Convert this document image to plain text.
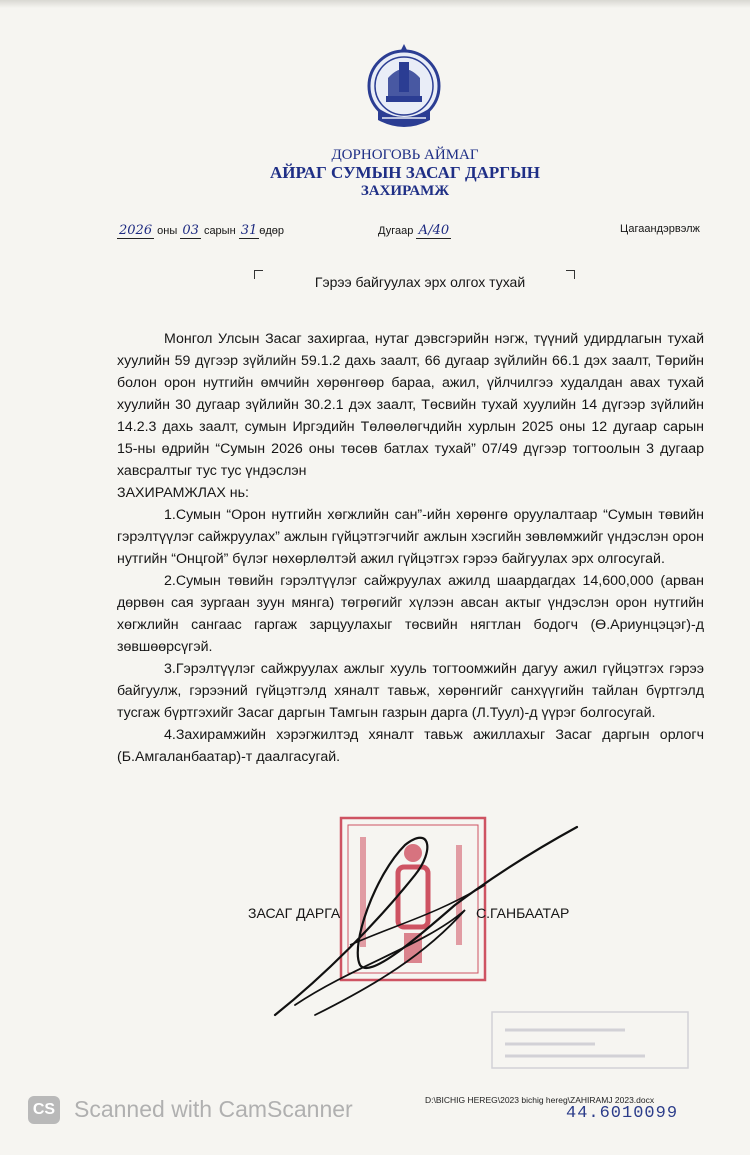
ДОРНОГОВЬ АЙМАГ
АЙРАГ СУМЫН ЗАСАГ ДАРГЫН
ЗАХИРАМЖ
2026 оны 03 сарын 31 өдөр	Дугаар А/40	Цагаандэрвэлж
Гэрээ байгуулах эрх олгох тухай

Монгол Улсын Засаг захиргаа, нутаг дэвсгэрийн нэгж, түүний удирдлагын тухай хуулийн 59 дүгээр зүйлийн 59.1.2 дахь заалт, 66 дугаар зүйлийн 66.1 дэх заалт, Төрийн болон орон нутгийн өмчийн хөрөнгөөр бараа, ажил, үйлчилгээ худалдан авах тухай хуулийн 30 дугаар зүйлийн 30.2.1 дэх заалт, Төсвийн тухай хуулийн 14 дүгээр зүйлийн 14.2.3 дахь заалт, сумын Иргэдийн Төлөөлөгчдийн хурлын 2025 оны 12 дугаар сарын 15-ны өдрийн “Сумын 2026 оны төсөв батлах тухай” 07/49 дүгээр тогтоолын 3 дугаар хавсралтыг тус тус үндэслэн

ЗАХИРАМЖЛАХ нь:

1.Сумын “Орон нутгийн хөгжлийн сан”-ийн хөрөнгө оруулалтаар “Сумын төвийн гэрэлтүүлэг сайжруулах” ажлын гүйцэтгэгчийг ажлын хэсгийн зөвлөмжийг үндэслэн орон нутгийн “Онцгой” бүлэг нөхөрлөлтэй ажил гүйцэтгэх гэрээ байгуулах эрх олгосугай.

2.Сумын төвийн гэрэлтүүлэг сайжруулах ажилд шаардагдах 14,600,000 (арван дөрвөн сая зургаан зуун мянга) төгрөгийг хүлээн авсан актыг үндэслэн орон нутгийн хөгжлийн сангаас гаргаж зарцуулахыг төсвийн нягтлан бодогч (Ө.Ариунцэцэг)-д зөвшөөрсүгэй.

3.Гэрэлтүүлэг сайжруулах ажлыг хууль тогтоомжийн дагуу ажил гүйцэтгэх гэрээ байгуулж, гэрээний гүйцэтгэлд хяналт тавьж, хөрөнгийг санхүүгийн тайлан бүртгэлд тусгаж бүртгэхийг Засаг даргын Тамгын газрын дарга (Л.Туул)-д үүрэг болгосугай.

4.Захирамжийн хэрэгжилтэд хяналт тавьж ажиллахыг Засаг даргын орлогч (Б.Амгаланбаатар)-т даалгасугай.

ЗАСАГ ДАРГА	С.ГАНБААТАР
CS Scanned with CamScanner	D:\BICHIG HEREG\2023 bichig hereg\ZAHIRAMJ 2023.docx
44.6010099
